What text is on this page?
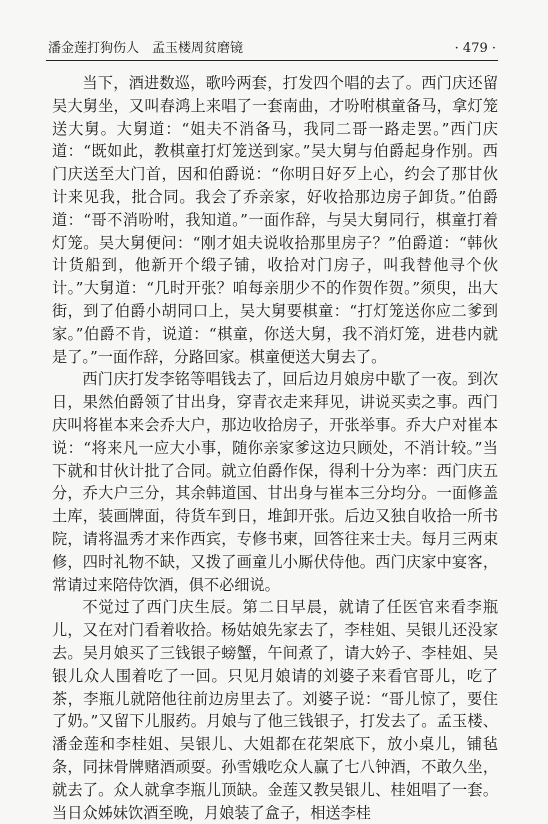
潘金莲打狗伤人　孟玉楼周贫磨镜	· 479 ·

当下，酒进数巡，歌吟两套，打发四个唱的去了。西门庆还留吴大舅坐，又叫春鸿上来唱了一套南曲，才吩咐棋童备马，拿灯笼送大舅。大舅道：“姐夫不消备马，我同二哥一路走罢。”西门庆道：“既如此，教棋童打灯笼送到家。”吴大舅与伯爵起身作别。西门庆送至大门首，因和伯爵说：“你明日好歹上心，约会了那甘伙计来见我，批合同。我会了乔亲家，好收拾那边房子卸货。”伯爵道：“哥不消吩咐，我知道。”一面作辞，与吴大舅同行，棋童打着灯笼。吴大舅便问：“刚才姐夫说收拾那里房子？”伯爵道：“韩伙计货船到，他新开个缎子铺，收拾对门房子，叫我替他寻个伙计。”大舅道：“几时开张？咱每亲朋少不的作贺作贺。”须臾，出大街，到了伯爵小胡同口上，吴大舅要棋童：“打灯笼送你应二爹到家。”伯爵不肯，说道：“棋童，你送大舅，我不消灯笼，进巷内就是了。”一面作辞，分路回家。棋童便送大舅去了。

西门庆打发李铭等唱钱去了，回后边月娘房中歇了一夜。到次日，果然伯爵领了甘出身，穿青衣走来拜见，讲说买卖之事。西门庆叫将崔本来会乔大户，那边收拾房子，开张举事。乔大户对崔本说：“将来凡一应大小事，随你亲家爹这边只顾处，不消计较。”当下就和甘伙计批了合同。就立伯爵作保，得利十分为率：西门庆五分，乔大户三分，其余韩道国、甘出身与崔本三分均分。一面修盖土库，装画牌面，待货车到日，堆卸开张。后边又独自收拾一所书院，请将温秀才来作西宾，专修书柬，回答往来士夫。每月三两束修，四时礼物不缺，又拨了画童儿小厮伏侍他。西门庆家中宴客，常请过来陪侍饮酒，俱不必细说。

不觉过了西门庆生辰。第二日早晨，就请了任医官来看李瓶儿，又在对门看着收拾。杨姑娘先家去了，李桂姐、吴银儿还没家去。吴月娘买了三钱银子螃蟹，午间煮了，请大妗子、李桂姐、吴银儿众人围着吃了一回。只见月娘请的刘婆子来看官哥儿，吃了茶，李瓶儿就陪他往前边房里去了。刘婆子说：“哥儿惊了，要住了奶。”又留下儿服药。月娘与了他三钱银子，打发去了。孟玉楼、潘金莲和李桂姐、吴银儿、大姐都在花架底下，放小桌儿，铺毡条，同抹骨牌赌酒顽耍。孙雪娥吃众人赢了七八钟酒，不敢久坐，就去了。众人就拿李瓶儿顶缺。金莲又教吴银儿、桂姐唱了一套。当日众姊妹饮酒至晚，月娘装了盒子，相送李桂
